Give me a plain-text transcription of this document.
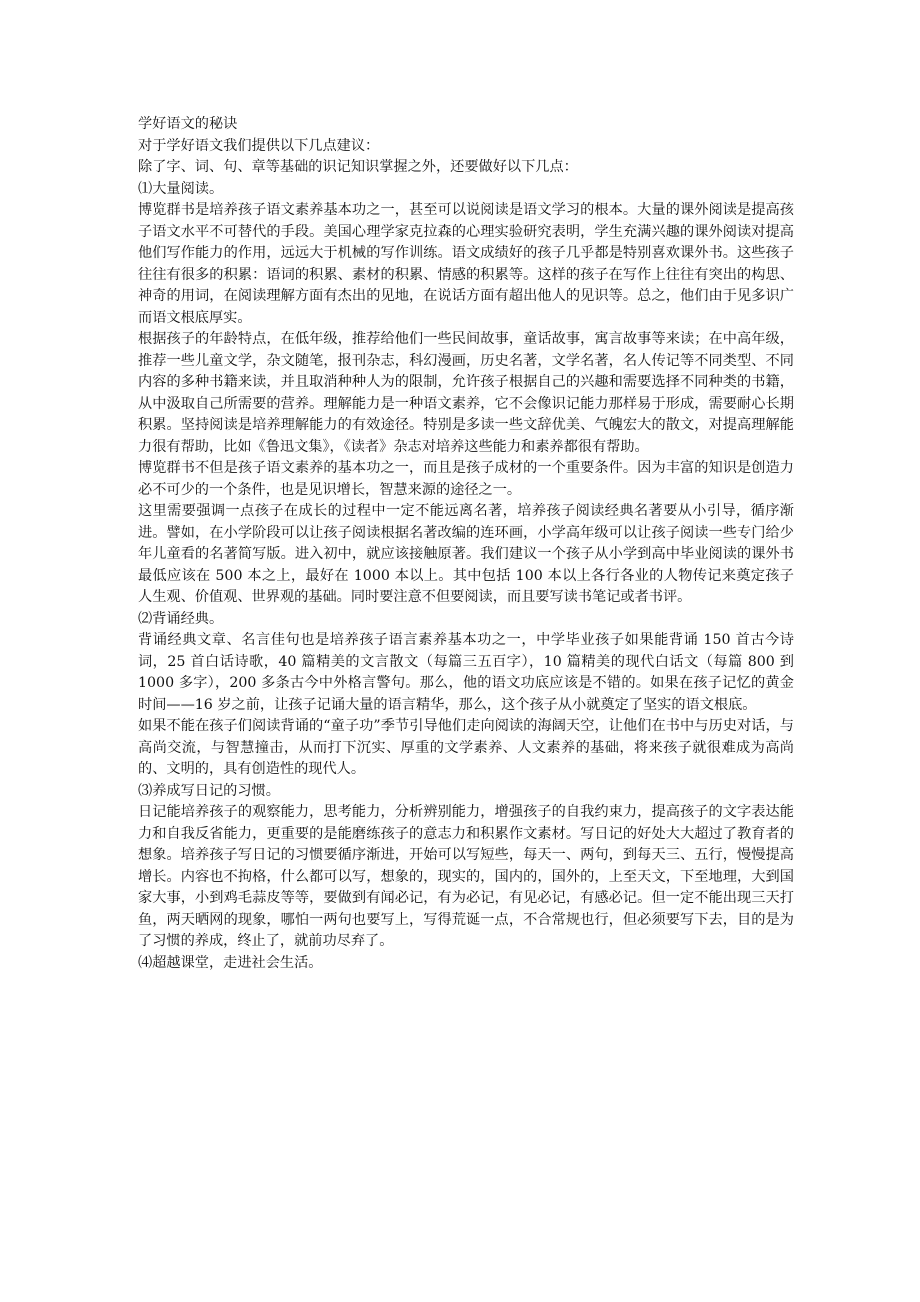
学好语文的秘诀

对于学好语文我们提供以下几点建议：

除了字、词、句、章等基础的识记知识掌握之外，还要做好以下几点：

⑴大量阅读。

博览群书是培养孩子语文素养基本功之一，甚至可以说阅读是语文学习的根本。大量的课外阅读是提高孩子语文水平不可替代的手段。美国心理学家克拉森的心理实验研究表明，学生充满兴趣的课外阅读对提高他们写作能力的作用，远远大于机械的写作训练。语文成绩好的孩子几乎都是特别喜欢课外书。这些孩子往往有很多的积累：语词的积累、素材的积累、情感的积累等。这样的孩子在写作上往往有突出的构思、神奇的用词，在阅读理解方面有杰出的见地，在说话方面有超出他人的见识等。总之，他们由于见多识广而语文根底厚实。

根据孩子的年龄特点，在低年级，推荐给他们一些民间故事，童话故事，寓言故事等来读；在中高年级，推荐一些儿童文学，杂文随笔，报刊杂志，科幻漫画，历史名著，文学名著，名人传记等不同类型、不同内容的多种书籍来读，并且取消种种人为的限制，允许孩子根据自己的兴趣和需要选择不同种类的书籍，从中汲取自己所需要的营养。理解能力是一种语文素养，它不会像识记能力那样易于形成，需要耐心长期积累。坚持阅读是培养理解能力的有效途径。特别是多读一些文辞优美、气魄宏大的散文，对提高理解能力很有帮助，比如《鲁迅文集》，《读者》杂志对培养这些能力和素养都很有帮助。

博览群书不但是孩子语文素养的基本功之一，而且是孩子成材的一个重要条件。因为丰富的知识是创造力必不可少的一个条件，也是见识增长，智慧来源的途径之一。

这里需要强调一点孩子在成长的过程中一定不能远离名著，培养孩子阅读经典名著要从小引导，循序渐进。譬如，在小学阶段可以让孩子阅读根据名著改编的连环画，小学高年级可以让孩子阅读一些专门给少年儿童看的名著简写版。进入初中，就应该接触原著。我们建议一个孩子从小学到高中毕业阅读的课外书最低应该在 500 本之上，最好在 1000 本以上。其中包括 100 本以上各行各业的人物传记来奠定孩子人生观、价值观、世界观的基础。同时要注意不但要阅读，而且要写读书笔记或者书评。

⑵背诵经典。

背诵经典文章、名言佳句也是培养孩子语言素养基本功之一，中学毕业孩子如果能背诵 150 首古今诗词，25 首白话诗歌，40 篇精美的文言散文（每篇三五百字），10 篇精美的现代白话文（每篇 800 到 1000 多字），200 多条古今中外格言警句。那么，他的语文功底应该是不错的。如果在孩子记忆的黄金时间——16 岁之前，让孩子记诵大量的语言精华，那么，这个孩子从小就奠定了坚实的语文根底。

如果不能在孩子们阅读背诵的“童子功”季节引导他们走向阅读的海阔天空，让他们在书中与历史对话，与高尚交流，与智慧撞击，从而打下沉实、厚重的文学素养、人文素养的基础，将来孩子就很难成为高尚的、文明的，具有创造性的现代人。

⑶养成写日记的习惯。

日记能培养孩子的观察能力，思考能力，分析辨别能力，增强孩子的自我约束力，提高孩子的文字表达能力和自我反省能力，更重要的是能磨练孩子的意志力和积累作文素材。写日记的好处大大超过了教育者的想象。培养孩子写日记的习惯要循序渐进，开始可以写短些，每天一、两句，到每天三、五行，慢慢提高增长。内容也不拘格，什么都可以写，想象的，现实的，国内的，国外的，上至天文，下至地理，大到国家大事，小到鸡毛蒜皮等等，要做到有闻必记，有为必记，有见必记，有感必记。但一定不能出现三天打鱼，两天晒网的现象，哪怕一两句也要写上，写得荒诞一点，不合常规也行，但必须要写下去，目的是为了习惯的养成，终止了，就前功尽弃了。

⑷超越课堂，走进社会生活。
